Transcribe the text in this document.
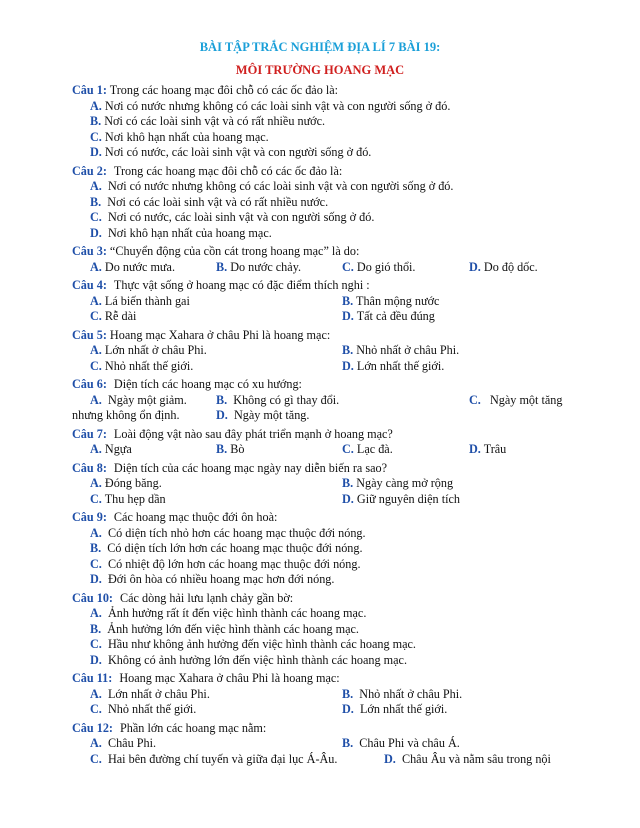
BÀI TẬP TRẮC NGHIỆM ĐỊA LÍ 7 BÀI 19:
MÔI TRƯỜNG HOANG MẠC
Câu 1: Trong các hoang mạc đôi chỗ có các ốc đảo là:
A. Nơi có nước nhưng không có các loài sinh vật và con người sống ở đó.
B. Nơi có các loài sinh vật và có rất nhiều nước.
C. Nơi khô hạn nhất của hoang mạc.
D. Nơi có nước, các loài sinh vật và con người sống ở đó.
Câu 2: Trong các hoang mạc đôi chỗ có các ốc đảo là:
A. Nơi có nước nhưng không có các loài sinh vật và con người sống ở đó.
B. Nơi có các loài sinh vật và có rất nhiều nước.
C. Nơi có nước, các loài sinh vật và con người sống ở đó.
D. Nơi khô hạn nhất của hoang mạc.
Câu 3: “Chuyển động của cồn cát trong hoang mạc” là do:
A. Do nước mưa.	B. Do nước chảy.	C. Do gió thổi.	D. Do độ dốc.
Câu 4: Thực vật sống ở hoang mạc có đặc điểm thích nghi :
A. Lá biến thành gai	B. Thân mộng nước
C. Rễ dài	D. Tất cả đều đúng
Câu 5: Hoang mạc Xahara ở châu Phi là hoang mạc:
A. Lớn nhất ở châu Phi.	B. Nhỏ nhất ở châu Phi.
C. Nhỏ nhất thế giới.	D. Lớn nhất thế giới.
Câu 6: Diện tích các hoang mạc có xu hướng:
A. Ngày một giảm. B. Không có gì thay đổi.	C. Ngày một tăng
nhưng không ổn định.	D. Ngày một tăng.
Câu 7: Loài động vật nào sau đây phát triển mạnh ở hoang mạc?
A. Ngựa	B. Bò	C. Lạc đà.	D. Trâu
Câu 8: Diện tích của các hoang mạc ngày nay diễn biến ra sao?
A. Đóng băng.	B. Ngày càng mở rộng
C. Thu hẹp dần	D. Giữ nguyên diện tích
Câu 9: Các hoang mạc thuộc đới ôn hoà:
A. Có diện tích nhỏ hơn các hoang mạc thuộc đới nóng.
B. Có diện tích lớn hơn các hoang mạc thuộc đới nóng.
C. Có nhiệt độ lớn hơn các hoang mạc thuộc đới nóng.
D. Đới ôn hòa có nhiều hoang mạc hơn đới nóng.
Câu 10: Các dòng hải lưu lạnh chảy gần bờ:
A. Ảnh hưởng rất ít đến việc hình thành các hoang mạc.
B. Ảnh hưởng lớn đến việc hình thành các hoang mạc.
C. Hầu như không ảnh hưởng đến việc hình thành các hoang mạc.
D. Không có ảnh hưởng lớn đến việc hình thành các hoang mạc.
Câu 11: Hoang mạc Xahara ở châu Phi là hoang mạc:
A. Lớn nhất ở châu Phi.	B. Nhỏ nhất ở châu Phi.
C. Nhỏ nhất thế giới.	D. Lớn nhất thế giới.
Câu 12: Phần lớn các hoang mạc nằm:
A. Châu Phi.	B. Châu Phi và châu Á.
C. Hai bên đường chí tuyến và giữa đại lục Á-Âu.	D. Châu Âu và nằm sâu trong nội
